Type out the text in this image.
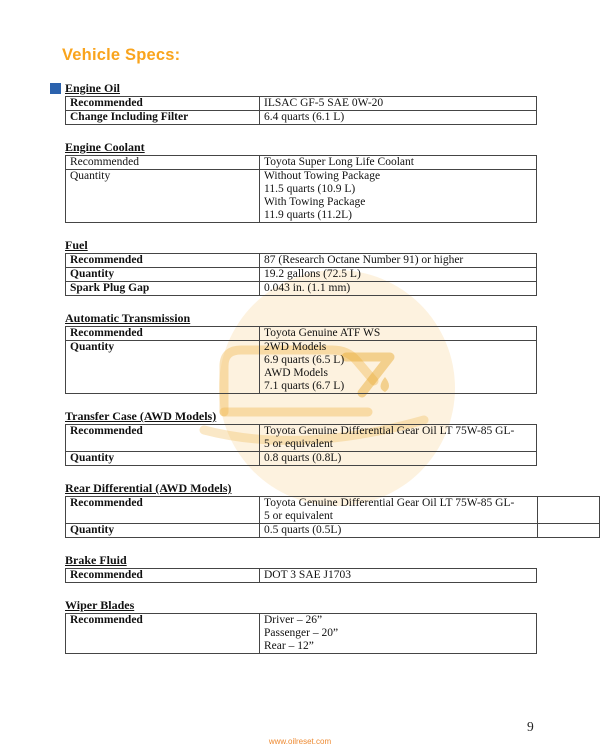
Vehicle Specs:
Engine Oil
Recommended	ILSAC GF-5 SAE 0W-20

Change Including Filter	6.4 quarts (6.1 L)
Engine Coolant
Recommended	Toyota Super Long Life Coolant

Quantity	Without Towing Package
11.5 quarts (10.9 L)
With Towing Package
11.9 quarts (11.2L)
Fuel
Recommended	87 (Research Octane Number 91) or higher

Quantity	19.2 gallons (72.5 L)

Spark Plug Gap	0.043 in. (1.1 mm)
Automatic Transmission
Recommended	Toyota Genuine ATF WS

Quantity	2WD Models
6.9 quarts (6.5 L)
AWD Models
7.1 quarts (6.7 L)
Transfer Case (AWD Models)
Recommended	Toyota Genuine Differential Gear Oil LT 75W-85 GL-
5 or equivalent

Quantity	0.8 quarts (0.8L)
Rear Differential (AWD Models)
Recommended	Toyota Genuine Differential Gear Oil LT 75W-85 GL-
5 or equivalent	

Quantity	0.5 quarts (0.5L)	

Brake Fluid
Recommended	DOT 3 SAE J1703
Wiper Blades
Recommended	Driver – 26”
Passenger – 20”
Rear – 12”
9
www.oilreset.com
